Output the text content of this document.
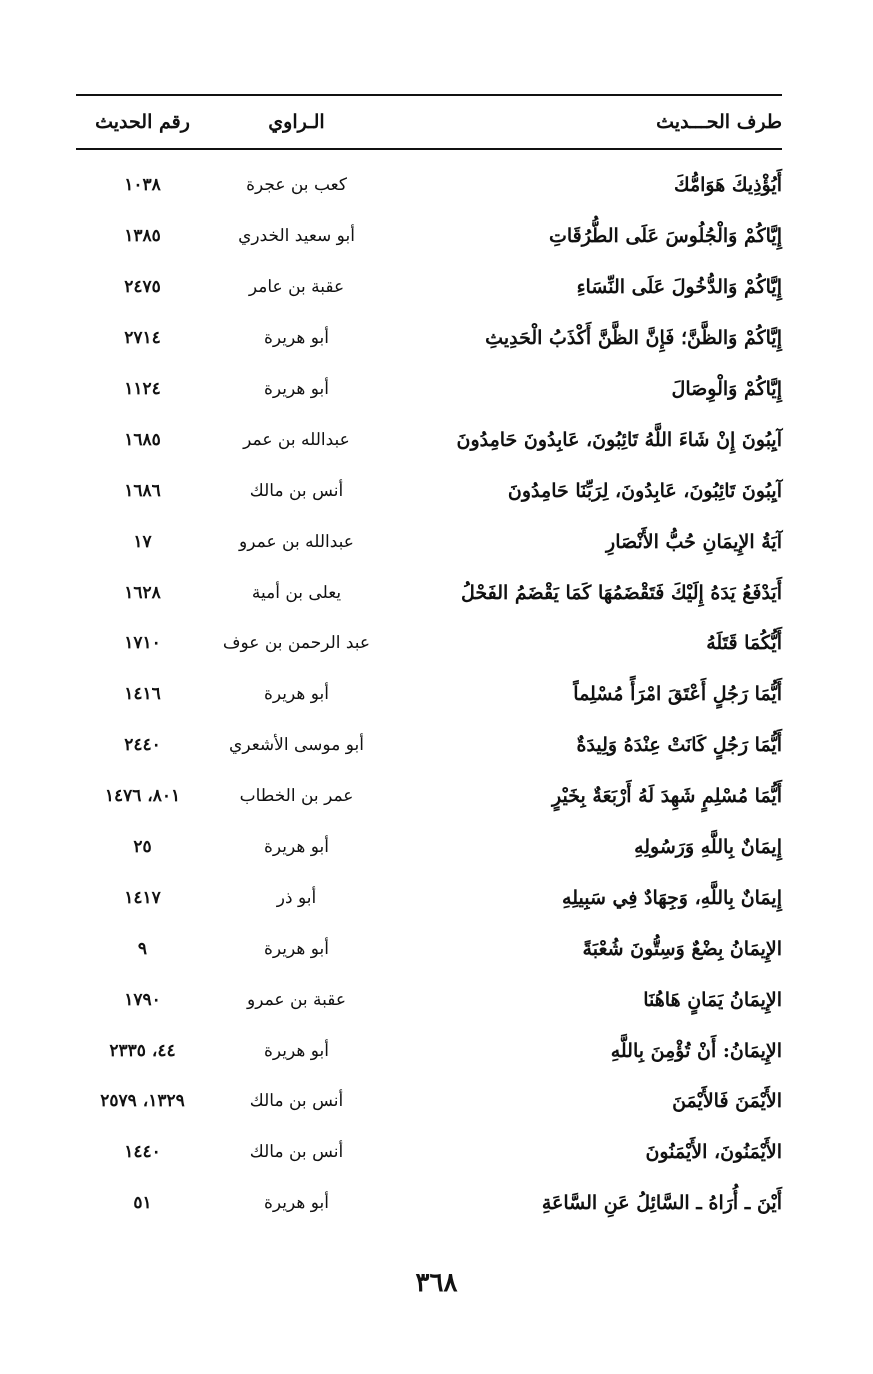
طرف الحـــديث
الـراوي
رقم الحديث
أَيُؤْذِيكَ هَوَامُّكَ
كعب بن عجرة
١٠٣٨
إِيَّاكُمْ وَالْجُلُوسَ عَلَى الطُّرُقَاتِ
أبو سعيد الخدري
١٣٨٥
إِيَّاكُمْ وَالدُّخُولَ عَلَى النِّسَاءِ
عقبة بن عامر
٢٤٧٥
إِيَّاكُمْ وَالظَّنَّ؛ فَإِنَّ الظَّنَّ أَكْذَبُ الْحَدِيثِ
أبو هريرة
٢٧١٤
إِيَّاكُمْ وَالْوِصَالَ
أبو هريرة
١١٢٤
آيِبُونَ إِنْ شَاءَ اللَّهُ تَائِبُونَ، عَابِدُونَ حَامِدُونَ
عبدالله بن عمر
١٦٨٥
آيِبُونَ تَائِبُونَ، عَابِدُونَ، لِرَبِّنَا حَامِدُونَ
أنس بن مالك
١٦٨٦
آيَةُ الإِيمَانِ حُبُّ الأَنْصَارِ
عبدالله بن عمرو
١٧
أَيَدْفَعُ يَدَهُ إِلَيْكَ فَتَقْضَمُهَا كَمَا يَقْضَمُ الفَحْلُ
يعلى بن أمية
١٦٢٨
أَيُّكُمَا قَتَلَهُ
عبد الرحمن بن عوف
١٧١٠
أَيُّمَا رَجُلٍ أَعْتَقَ امْرَأً مُسْلِماً
أبو هريرة
١٤١٦
أَيُّمَا رَجُلٍ كَانَتْ عِنْدَهُ وَلِيدَةٌ
أبو موسى الأشعري
٢٤٤٠
أَيُّمَا مُسْلِمٍ شَهِدَ لَهُ أَرْبَعَةٌ بِخَيْرٍ
عمر بن الخطاب
٨٠١، ١٤٧٦
إِيمَانٌ بِاللَّهِ وَرَسُولِهِ
أبو هريرة
٢٥
إِيمَانٌ بِاللَّهِ، وَجِهَادٌ فِي سَبِيلِهِ
أبو ذر
١٤١٧
الإِيمَانُ بِضْعٌ وَسِتُّونَ شُعْبَةً
أبو هريرة
٩
الإِيمَانُ يَمَانٍ هَاهُنَا
عقبة بن عمرو
١٧٩٠
الإِيمَانُ: أَنْ تُؤْمِنَ بِاللَّهِ
أبو هريرة
٤٤، ٢٣٣٥
الأَيْمَنَ فَالأَيْمَنَ
أنس بن مالك
١٣٢٩، ٢٥٧٩
الأَيْمَنُونَ، الأَيْمَنُونَ
أنس بن مالك
١٤٤٠
أَيْنَ ـ أُرَاهُ ـ السَّائِلُ عَنِ السَّاعَةِ
أبو هريرة
٥١
٣٦٨
